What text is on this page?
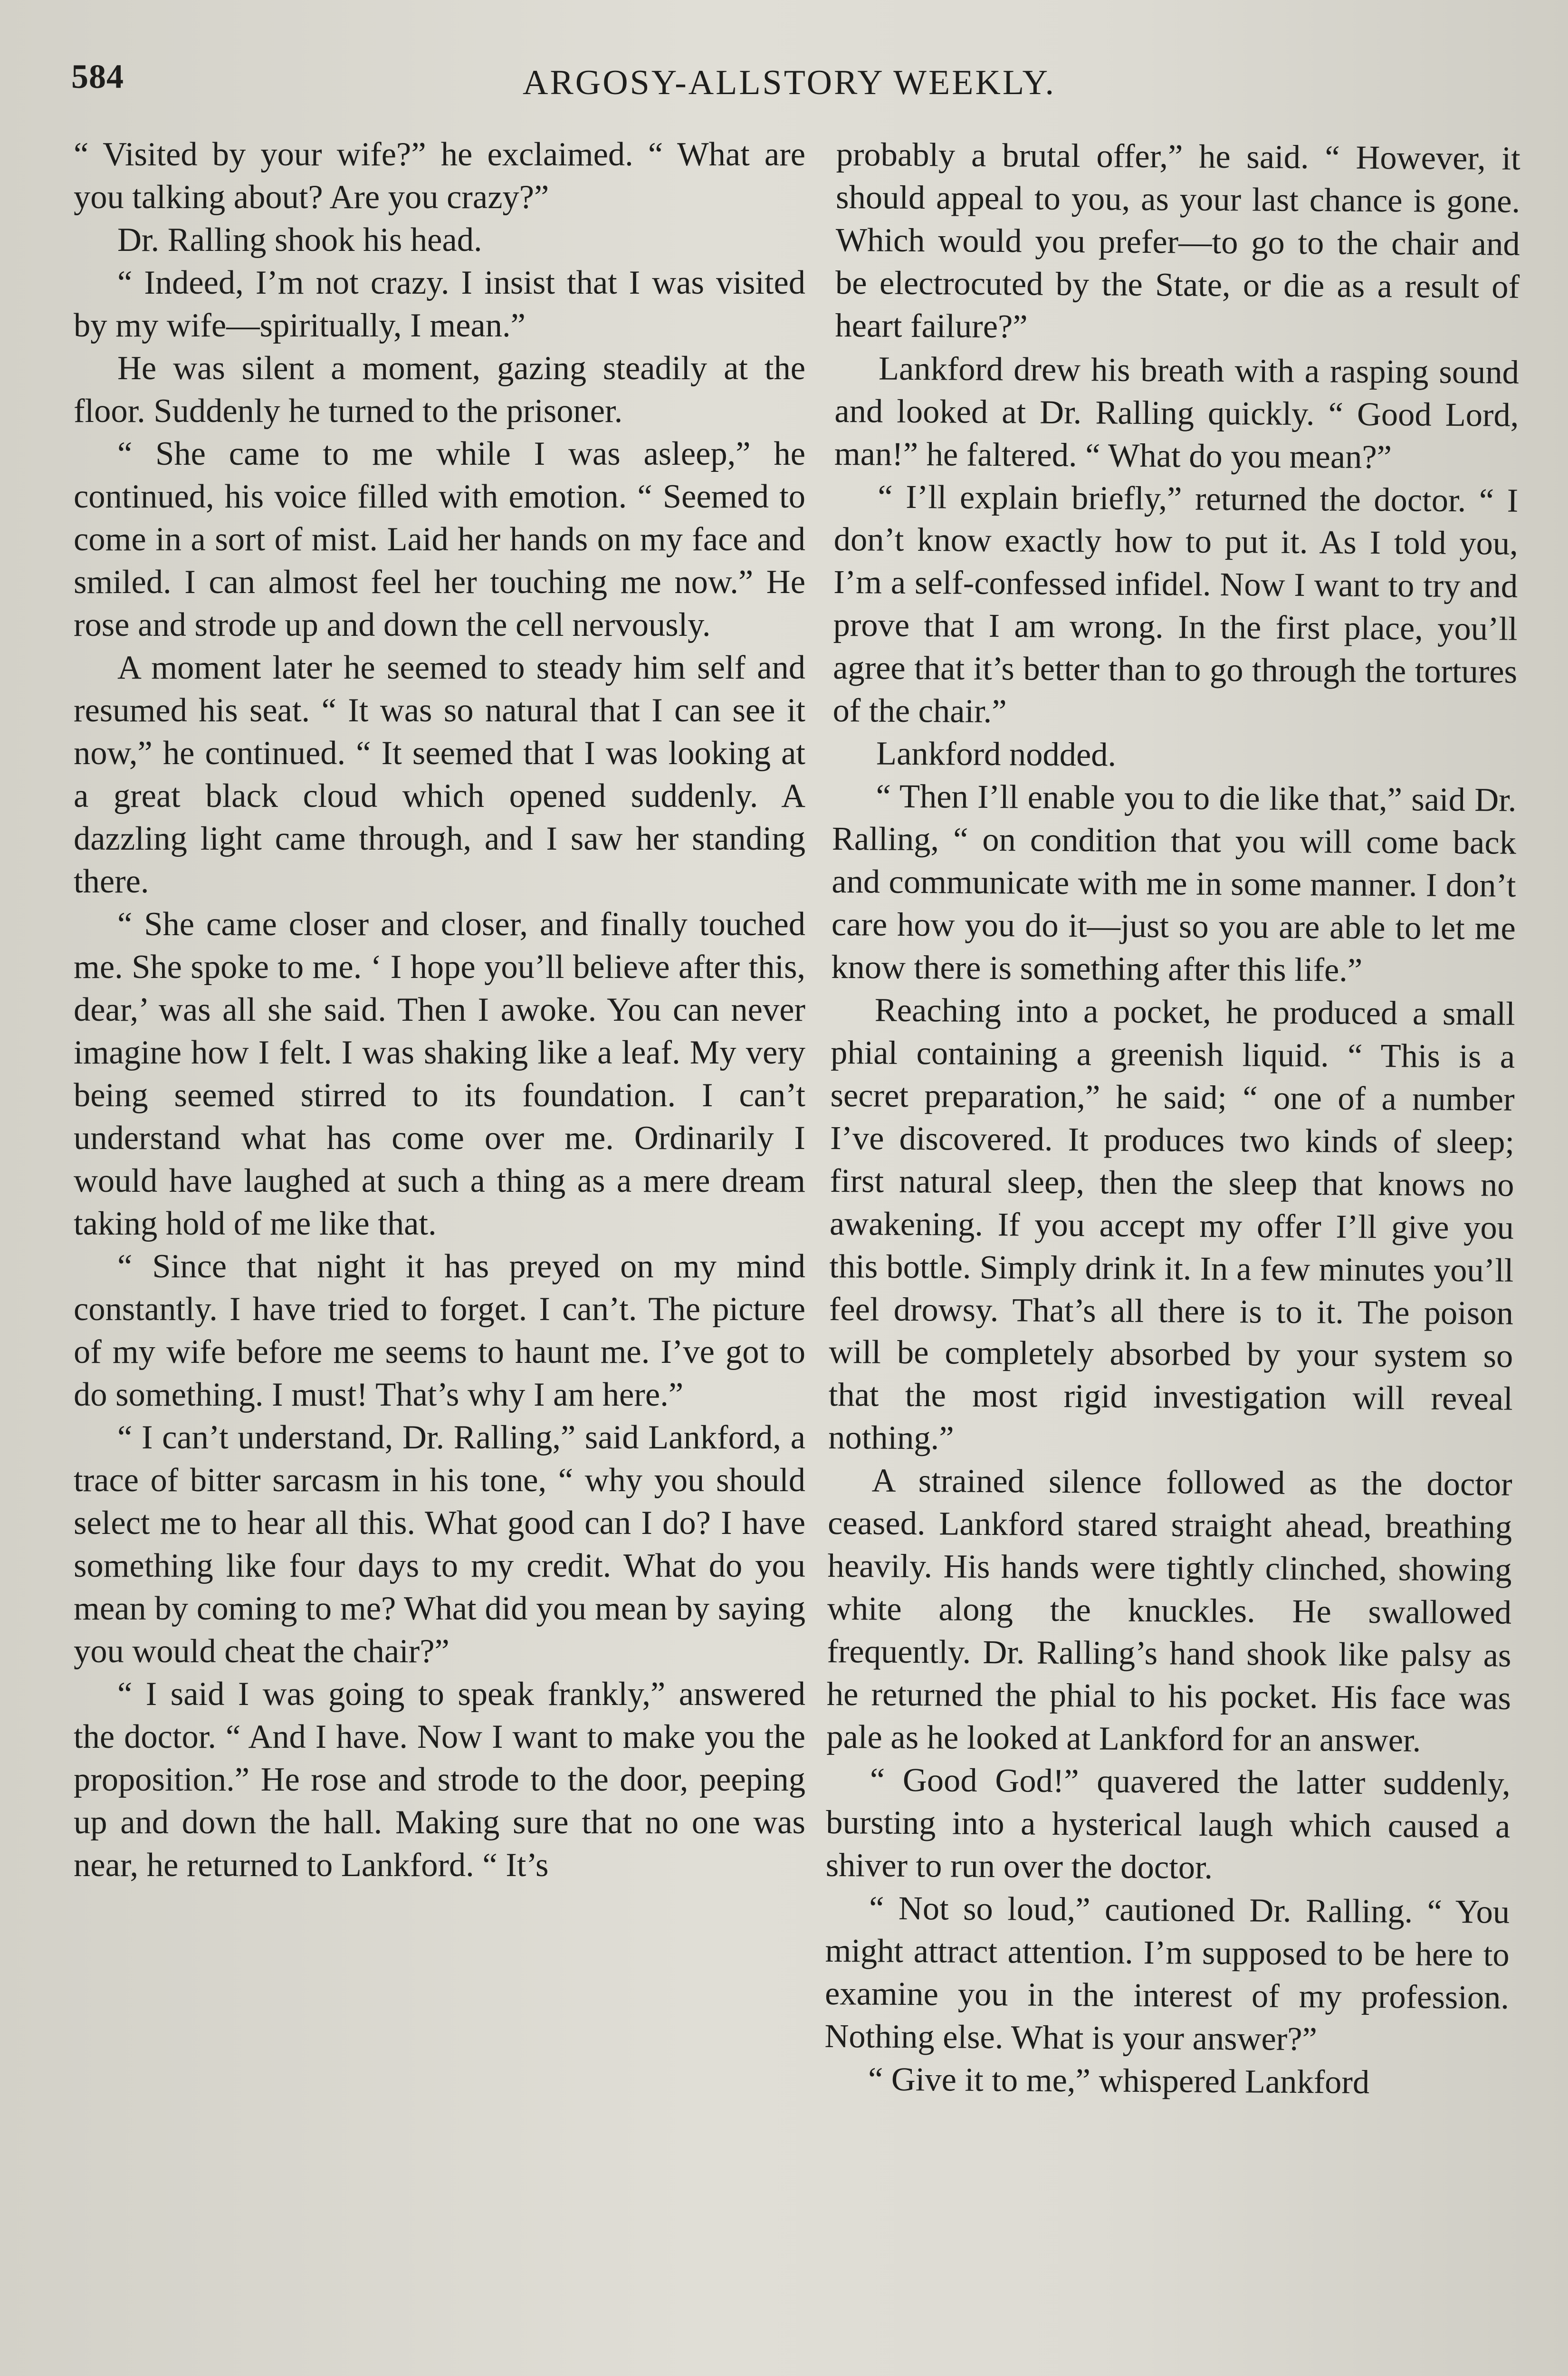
584	ARGOSY-ALLSTORY WEEKLY.

“ Visited by your wife?” he exclaimed. “ What are you talking about? Are you crazy?”

Dr. Ralling shook his head.

“ Indeed, I’m not crazy. I insist that I was visited by my wife—spiritually, I mean.”

He was silent a moment, gazing steadily at the floor. Suddenly he turned to the prisoner.

“ She came to me while I was asleep,” he continued, his voice filled with emotion. “ Seemed to come in a sort of mist. Laid her hands on my face and smiled. I can almost feel her touching me now.” He rose and strode up and down the cell nervously.

A moment later he seemed to steady him self and resumed his seat. “ It was so natural that I can see it now,” he continued. “ It seemed that I was looking at a great black cloud which opened suddenly. A dazzling light came through, and I saw her standing there.

“ She came closer and closer, and finally touched me. She spoke to me. ‘ I hope you’ll believe after this, dear,’ was all she said. Then I awoke. You can never imagine how I felt. I was shaking like a leaf. My very being seemed stirred to its foundation. I can’t understand what has come over me. Ordinarily I would have laughed at such a thing as a mere dream taking hold of me like that.

“ Since that night it has preyed on my mind constantly. I have tried to forget. I can’t. The picture of my wife before me seems to haunt me. I’ve got to do something. I must! That’s why I am here.”

“ I can’t understand, Dr. Ralling,” said Lankford, a trace of bitter sarcasm in his tone, “ why you should select me to hear all this. What good can I do? I have something like four days to my credit. What do you mean by coming to me? What did you mean by saying you would cheat the chair?”

“ I said I was going to speak frankly,” answered the doctor. “ And I have. Now I want to make you the proposition.” He rose and strode to the door, peeping up and down the hall. Making sure that no one was near, he returned to Lankford. “ It’s

probably a brutal offer,” he said. “ However, it should appeal to you, as your last chance is gone. Which would you prefer—to go to the chair and be electrocuted by the State, or die as a result of heart failure?”

Lankford drew his breath with a rasping sound and looked at Dr. Ralling quickly. “ Good Lord, man!” he faltered. “ What do you mean?”

“ I’ll explain briefly,” returned the doctor. “ I don’t know exactly how to put it. As I told you, I’m a self-confessed infidel. Now I want to try and prove that I am wrong. In the first place, you’ll agree that it’s better than to go through the tortures of the chair.”

Lankford nodded.

“ Then I’ll enable you to die like that,” said Dr. Ralling, “ on condition that you will come back and communicate with me in some manner. I don’t care how you do it—just so you are able to let me know there is something after this life.”

Reaching into a pocket, he produced a small phial containing a greenish liquid. “ This is a secret preparation,” he said; “ one of a number I’ve discovered. It produces two kinds of sleep; first natural sleep, then the sleep that knows no awakening. If you accept my offer I’ll give you this bottle. Simply drink it. In a few minutes you’ll feel drowsy. That’s all there is to it. The poison will be completely absorbed by your system so that the most rigid investigation will reveal nothing.”

A strained silence followed as the doctor ceased. Lankford stared straight ahead, breathing heavily. His hands were tightly clinched, showing white along the knuckles. He swallowed frequently. Dr. Ralling’s hand shook like palsy as he returned the phial to his pocket. His face was pale as he looked at Lankford for an answer.

“ Good God!” quavered the latter suddenly, bursting into a hysterical laugh which caused a shiver to run over the doctor.

“ Not so loud,” cautioned Dr. Ralling. “ You might attract attention. I’m supposed to be here to examine you in the interest of my profession. Nothing else. What is your answer?”

“ Give it to me,” whispered Lankford
